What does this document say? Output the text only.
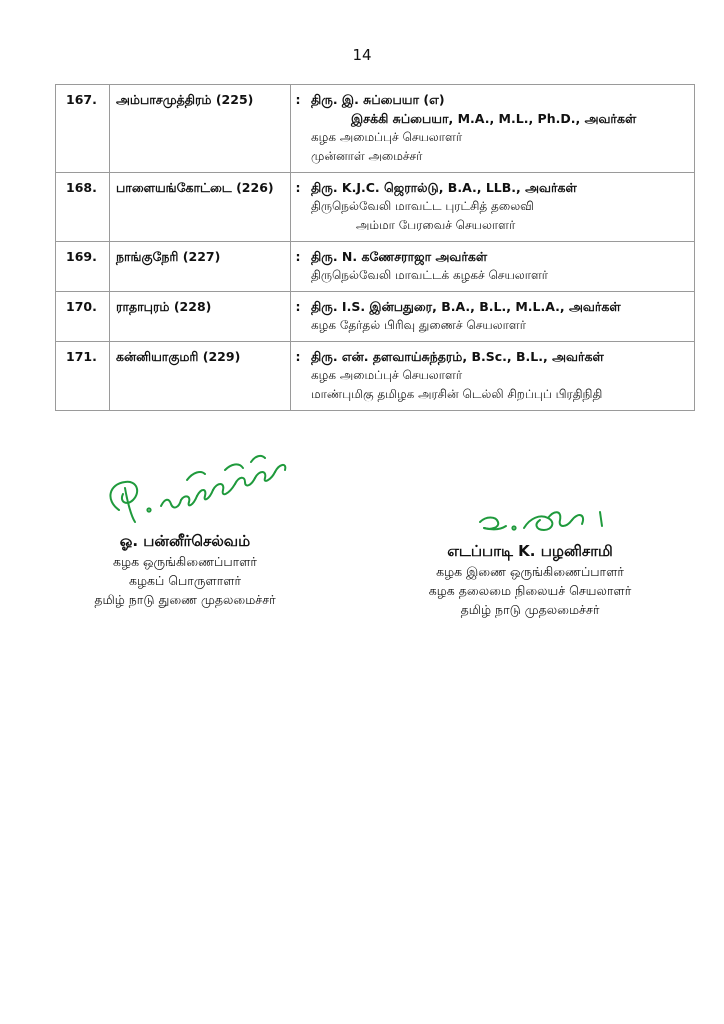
14
167.	அம்பாசமுத்திரம் (225)	:	திரு. இ. சுப்பையா (எ)
இசக்கி சுப்பையா, M.A., M.L., Ph.D., அவர்கள்
கழக அமைப்புச் செயலாளர்
முன்னாள் அமைச்சர்

168.	பாளையங்கோட்டை (226)	:	திரு. K.J.C. ஜெரால்டு, B.A., LLB., அவர்கள்
திருநெல்வேலி மாவட்ட புரட்சித் தலைவி
அம்மா பேரவைச் செயலாளர்

169.	நாங்குநேரி (227)	:	திரு. N. கணேசராஜா அவர்கள்
திருநெல்வேலி மாவட்டக் கழகச் செயலாளர்

170.	ராதாபுரம் (228)	:	திரு. I.S. இன்பதுரை, B.A., B.L., M.L.A., அவர்கள்
கழக தேர்தல் பிரிவு துணைச் செயலாளர்

171.	கன்னியாகுமரி (229)	:	திரு. என். தளவாய்சுந்தரம், B.Sc., B.L., அவர்கள்
கழக அமைப்புச் செயலாளர்
மாண்புமிகு தமிழக அரசின் டெல்லி சிறப்புப் பிரதிநிதி
ஓ. பன்னீர்செல்வம்
கழக ஒருங்கிணைப்பாளர்
கழகப் பொருளாளர்
தமிழ் நாடு துணை முதலமைச்சர்
எடப்பாடி K. பழனிசாமி
கழக இணை ஒருங்கிணைப்பாளர்
கழக தலைமை நிலையச் செயலாளர்
தமிழ் நாடு முதலமைச்சர்
